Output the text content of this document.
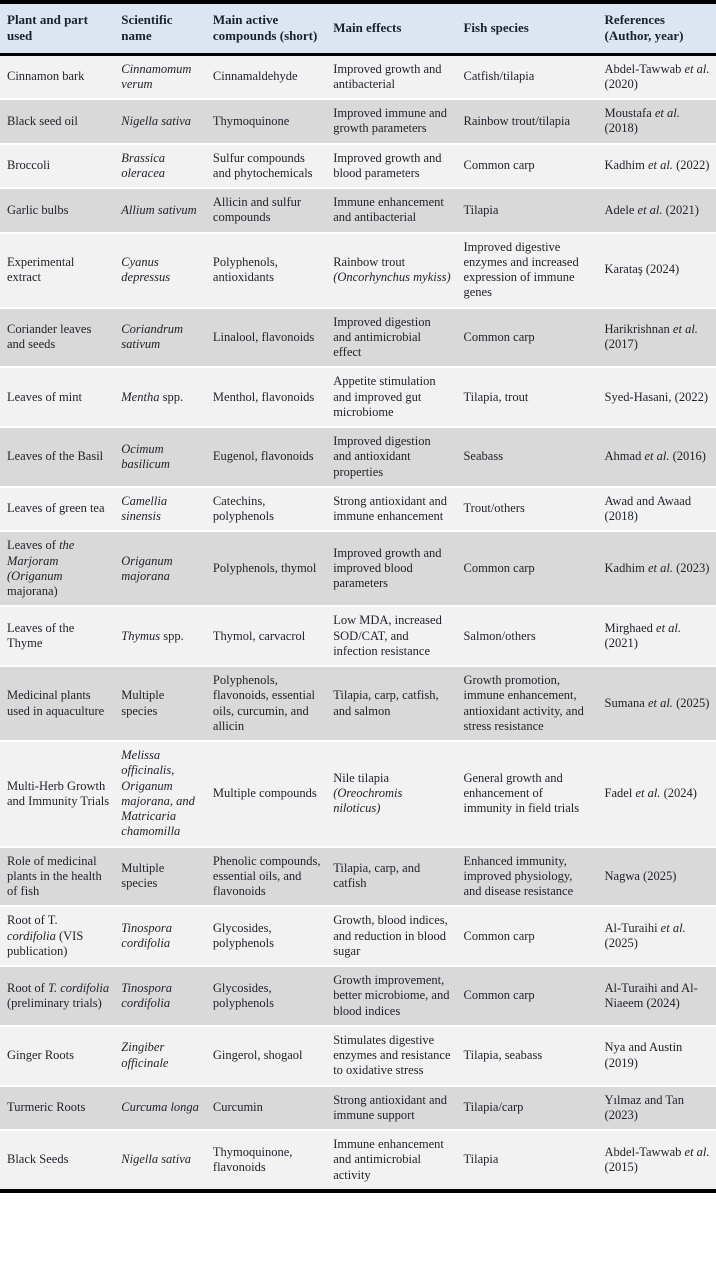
Plant and part used	Scientific name	Main active compounds (short)	Main effects	Fish species	References (Author, year)
Cinnamon bark	Cinnamomum verum	Cinnamaldehyde	Improved growth and antibacterial	Catfish/tilapia	Abdel-Tawwab et al. (2020)
Black seed oil	Nigella sativa	Thymoquinone	Improved immune and growth parameters	Rainbow trout/tilapia	Moustafa et al. (2018)
Broccoli	Brassica oleracea	Sulfur compounds and phytochemicals	Improved growth and blood parameters	Common carp	Kadhim et al. (2022)
Garlic bulbs	Allium sativum	Allicin and sulfur compounds	Immune enhancement and antibacterial	Tilapia	Adele et al. (2021)
Experimental extract	Cyanus depressus	Polyphenols, antioxidants	Rainbow trout (Oncorhynchus mykiss)	Improved digestive enzymes and increased expression of immune genes	Karataş (2024)
Coriander leaves and seeds	Coriandrum sativum	Linalool, flavonoids	Improved digestion and antimicrobial effect	Common carp	Harikrishnan et al. (2017)
Leaves of mint	Mentha spp.	Menthol, flavonoids	Appetite stimulation and improved gut microbiome	Tilapia, trout	Syed-Hasani, (2022)
Leaves of the Basil	Ocimum basilicum	Eugenol, flavonoids	Improved digestion and antioxidant properties	Seabass	Ahmad et al. (2016)
Leaves of green tea	Camellia sinensis	Catechins, polyphenols	Strong antioxidant and immune enhancement	Trout/others	Awad and Awaad (2018)
Leaves of the Marjoram (Origanum majorana)	Origanum majorana	Polyphenols, thymol	Improved growth and improved blood parameters	Common carp	Kadhim et al. (2023)
Leaves of the Thyme	Thymus spp.	Thymol, carvacrol	Low MDA, increased SOD/CAT, and infection resistance	Salmon/others	Mirghaed et al. (2021)
Medicinal plants used in aquaculture	Multiple species	Polyphenols, flavonoids, essential oils, curcumin, and allicin	Tilapia, carp, catfish, and salmon	Growth promotion, immune enhancement, antioxidant activity, and stress resistance	Sumana et al. (2025)
Multi-Herb Growth and Immunity Trials	Melissa officinalis, Origanum majorana, and Matricaria chamomilla	Multiple compounds	Nile tilapia (Oreochromis niloticus)	General growth and enhancement of immunity in field trials	Fadel et al. (2024)
Role of medicinal plants in the health of fish	Multiple species	Phenolic compounds, essential oils, and flavonoids	Tilapia, carp, and catfish	Enhanced immunity, improved physiology, and disease resistance	Nagwa (2025)
Root of T. cordifolia (VIS publication)	Tinospora cordifolia	Glycosides, polyphenols	Growth, blood indices, and reduction in blood sugar	Common carp	Al-Turaihi et al. (2025)
Root of T. cordifolia (preliminary trials)	Tinospora cordifolia	Glycosides, polyphenols	Growth improvement, better microbiome, and blood indices	Common carp	Al-Turaihi and Al-Niaeem (2024)
Ginger Roots	Zingiber officinale	Gingerol, shogaol	Stimulates digestive enzymes and resistance to oxidative stress	Tilapia, seabass	Nya and Austin (2019)
Turmeric Roots	Curcuma longa	Curcumin	Strong antioxidant and immune support	Tilapia/carp	Yılmaz and Tan (2023)
Black Seeds	Nigella sativa	Thymoquinone, flavonoids	Immune enhancement and antimicrobial activity	Tilapia	Abdel-Tawwab et al. (2015)
